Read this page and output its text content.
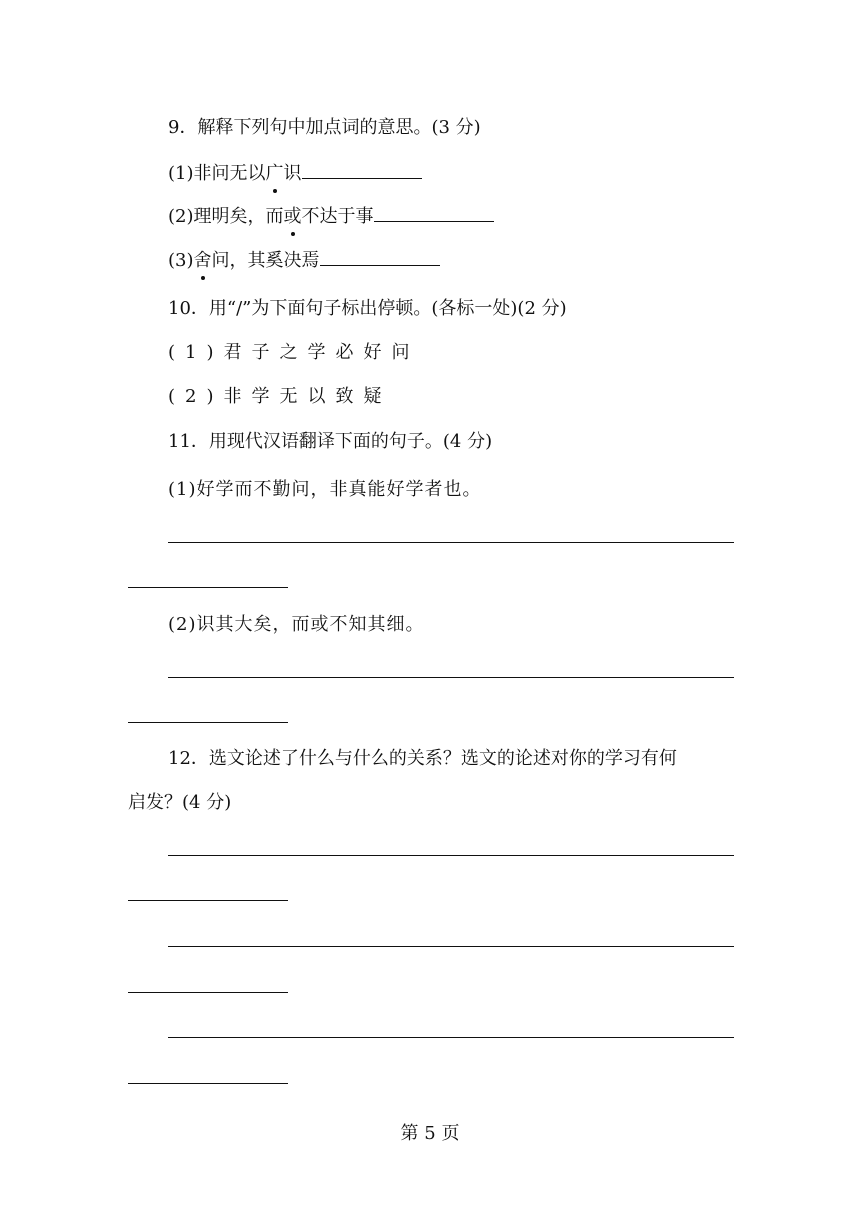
9．解释下列句中加点词的意思。(3 分)
(1)非问无以广识
(2)理明矣，而或不达于事
(3)舍问，其奚决焉
10．用“/”为下面句子标出停顿。(各标一处)(2 分)
(1)君子之学必好问
(2)非学无以致疑
11．用现代汉语翻译下面的句子。(4 分)
(1)好学而不勤问，非真能好学者也。
(2)识其大矣，而或不知其细。
12．选文论述了什么与什么的关系？选文的论述对你的学习有何
启发？(4 分)
第 5 页
